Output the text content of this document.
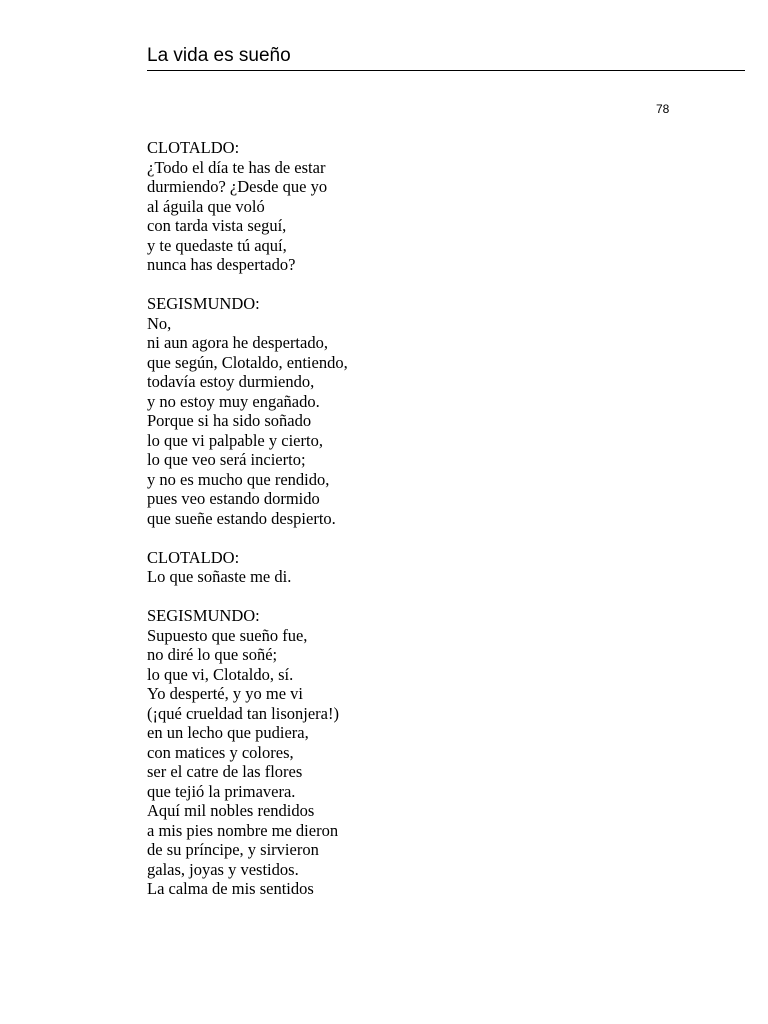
La vida es sueño
78
CLOTALDO:
¿Todo el día te has de estar
durmiendo? ¿Desde que yo
al águila que voló
con tarda vista seguí,
y te quedaste tú aquí,
nunca has despertado?
SEGISMUNDO:
No,
ni aun agora he despertado,
que según, Clotaldo, entiendo,
todavía estoy durmiendo,
y no estoy muy engañado.
Porque si ha sido soñado
lo que vi palpable y cierto,
lo que veo será incierto;
y no es mucho que rendido,
pues veo estando dormido
que sueñe estando despierto.
CLOTALDO:
Lo que soñaste me di.
SEGISMUNDO:
Supuesto que sueño fue,
no diré lo que soñé;
lo que vi, Clotaldo, sí.
Yo desperté, y yo me vi
(¡qué crueldad tan lisonjera!)
en un lecho que pudiera,
con matices y colores,
ser el catre de las flores
que tejió la primavera.
Aquí mil nobles rendidos
a mis pies nombre me dieron
de su príncipe, y sirvieron
galas, joyas y vestidos.
La calma de mis sentidos
